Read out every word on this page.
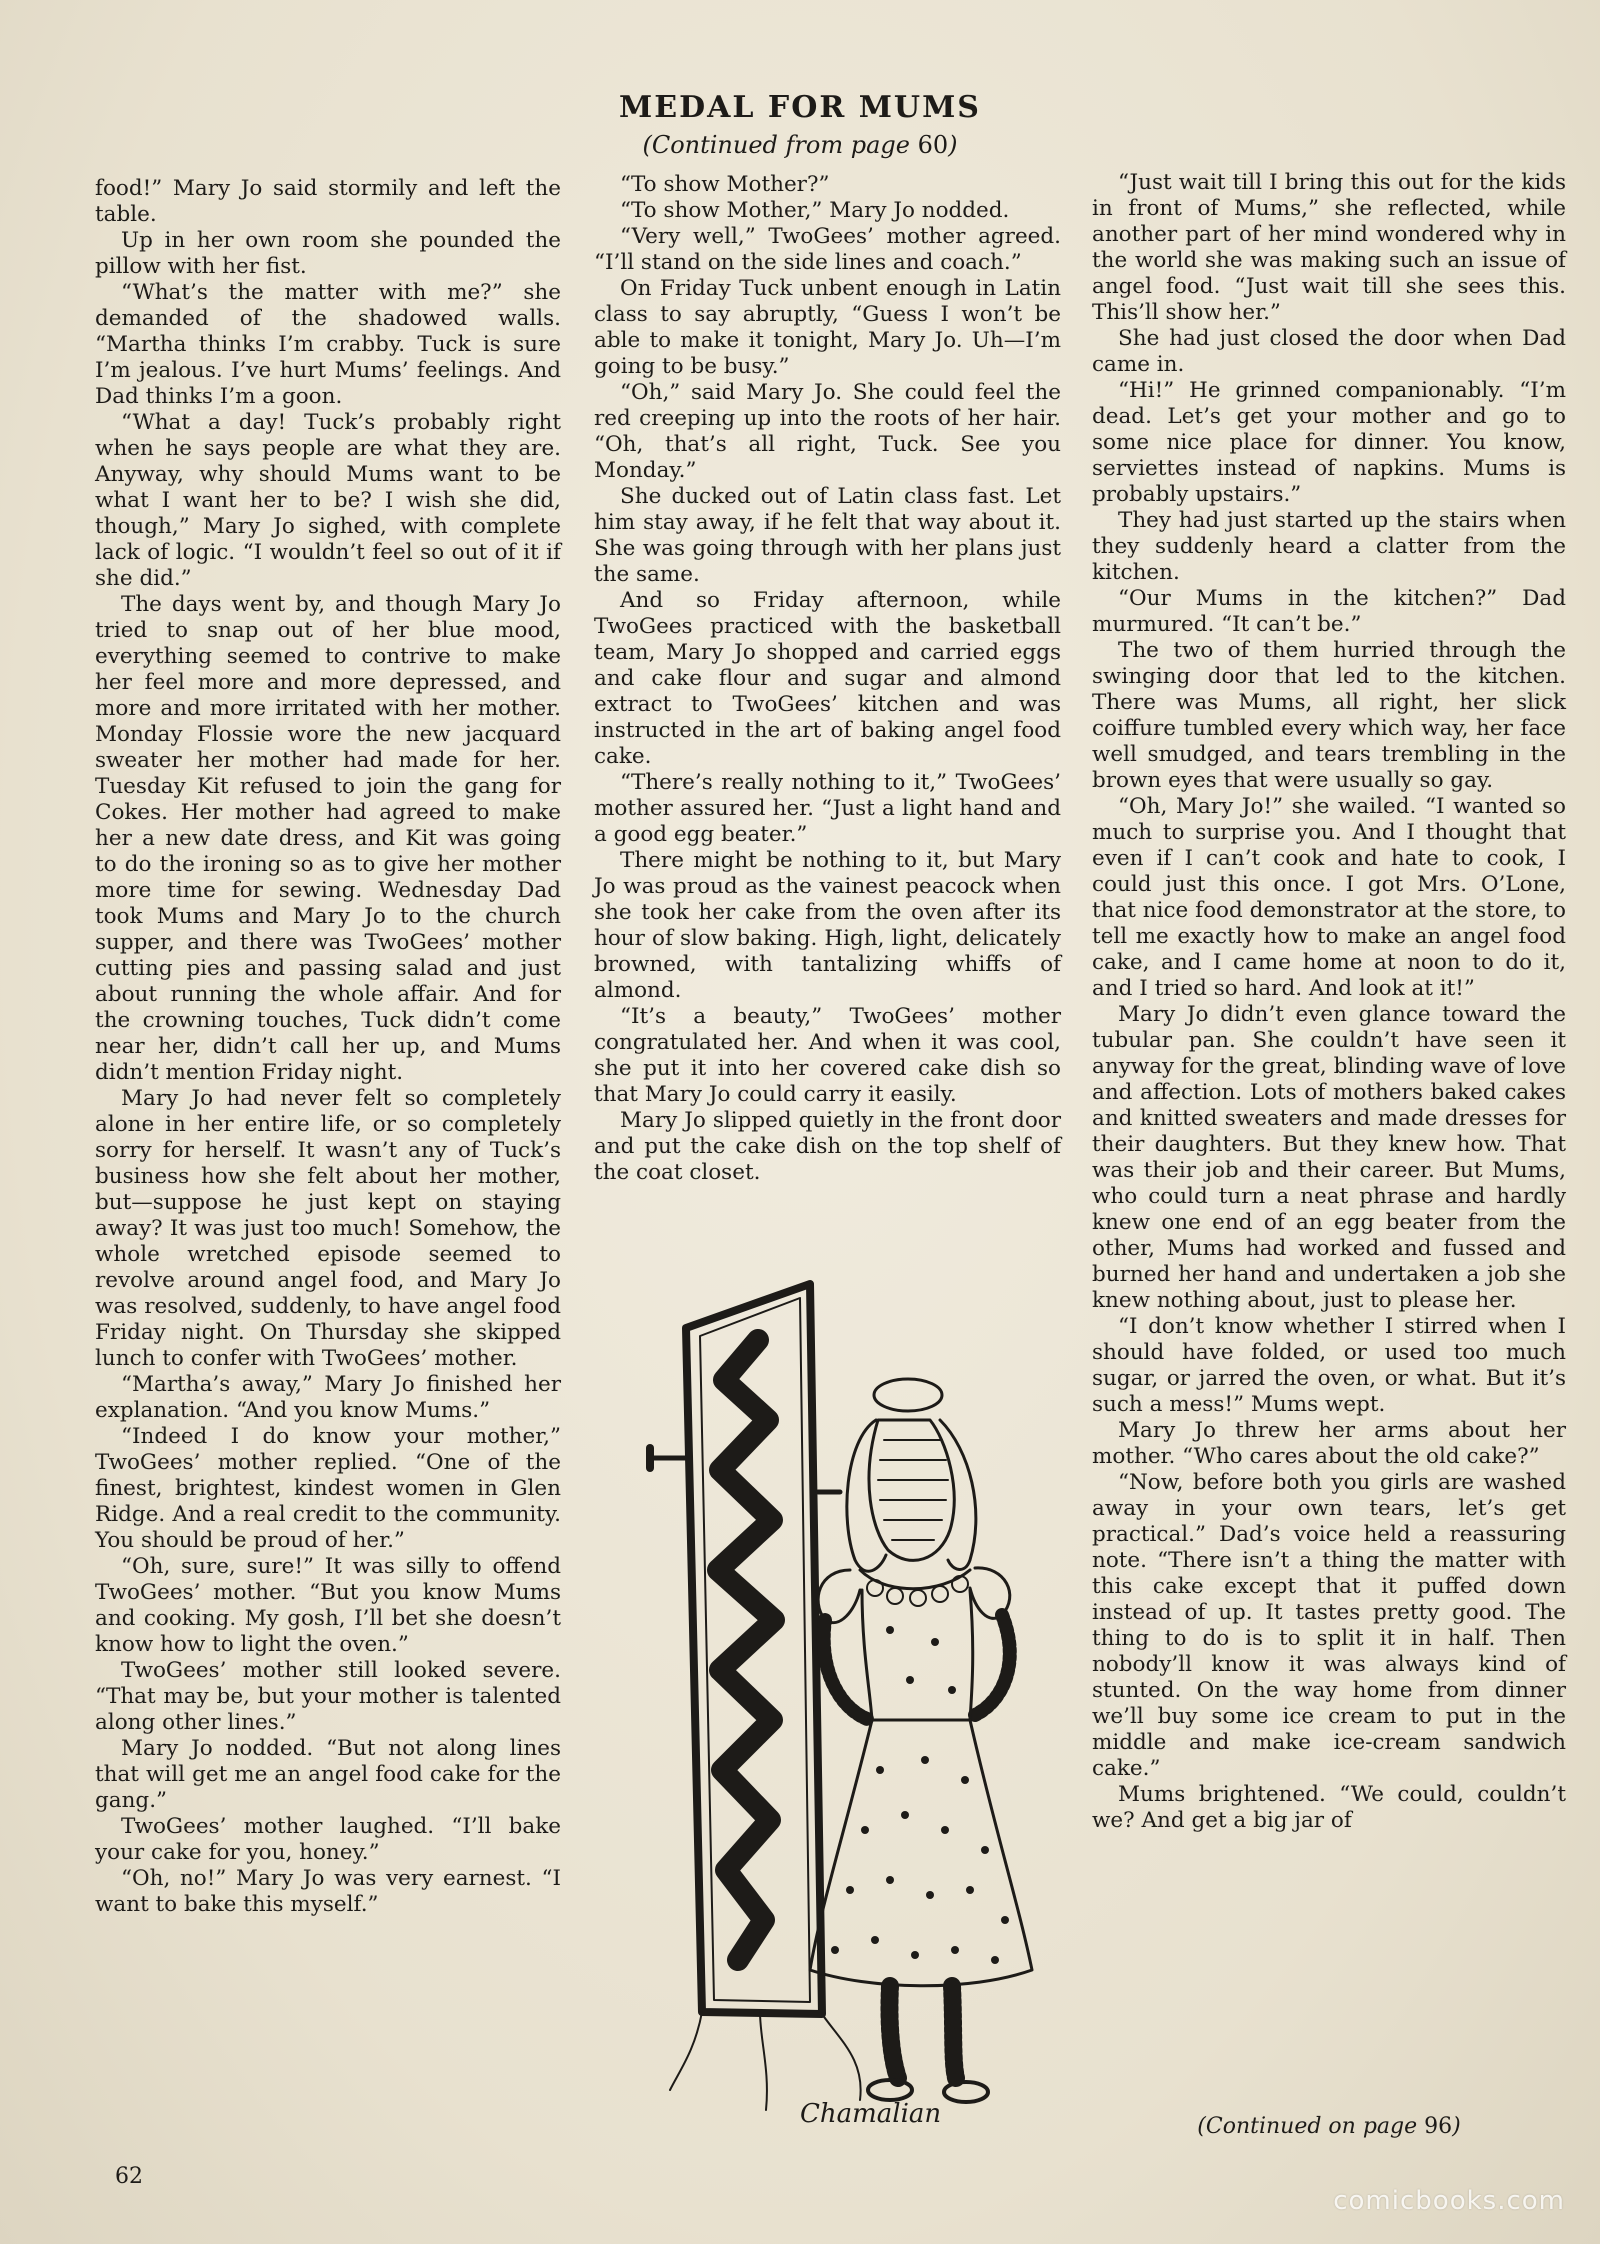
MEDAL FOR MUMS
(Continued from page 60)

food!” Mary Jo said stormily and left the table.

Up in her own room she pounded the pillow with her fist.

“What’s the matter with me?” she demanded of the shadowed walls. “Martha thinks I’m crabby. Tuck is sure I’m jealous. I’ve hurt Mums’ feelings. And Dad thinks I’m a goon.

“What a day! Tuck’s probably right when he says people are what they are. Anyway, why should Mums want to be what I want her to be? I wish she did, though,” Mary Jo sighed, with complete lack of logic. “I wouldn’t feel so out of it if she did.”

The days went by, and though Mary Jo tried to snap out of her blue mood, everything seemed to contrive to make her feel more and more depressed, and more and more irritated with her mother. Monday Flossie wore the new jacquard sweater her mother had made for her. Tuesday Kit refused to join the gang for Cokes. Her mother had agreed to make her a new date dress, and Kit was going to do the ironing so as to give her mother more time for sewing. Wednesday Dad took Mums and Mary Jo to the church supper, and there was TwoGees’ mother cutting pies and passing salad and just about running the whole affair. And for the crowning touches, Tuck didn’t come near her, didn’t call her up, and Mums didn’t mention Friday night.

Mary Jo had never felt so completely alone in her entire life, or so completely sorry for herself. It wasn’t any of Tuck’s business how she felt about her mother, but—suppose he just kept on staying away? It was just too much! Somehow, the whole wretched episode seemed to revolve around angel food, and Mary Jo was resolved, suddenly, to have angel food Friday night. On Thursday she skipped lunch to confer with TwoGees’ mother.

“Martha’s away,” Mary Jo finished her explanation. “And you know Mums.”

“Indeed I do know your mother,” TwoGees’ mother replied. “One of the finest, brightest, kindest women in Glen Ridge. And a real credit to the community. You should be proud of her.”

“Oh, sure, sure!” It was silly to offend TwoGees’ mother. “But you know Mums and cooking. My gosh, I’ll bet she doesn’t know how to light the oven.”

TwoGees’ mother still looked severe. “That may be, but your mother is talented along other lines.”

Mary Jo nodded. “But not along lines that will get me an angel food cake for the gang.”

TwoGees’ mother laughed. “I’ll bake your cake for you, honey.”

“Oh, no!” Mary Jo was very earnest. “I want to bake this myself.”

“To show Mother?”

“To show Mother,” Mary Jo nodded.

“Very well,” TwoGees’ mother agreed. “I’ll stand on the side lines and coach.”

On Friday Tuck unbent enough in Latin class to say abruptly, “Guess I won’t be able to make it tonight, Mary Jo. Uh—I’m going to be busy.”

“Oh,” said Mary Jo. She could feel the red creeping up into the roots of her hair. “Oh, that’s all right, Tuck. See you Monday.”

She ducked out of Latin class fast. Let him stay away, if he felt that way about it. She was going through with her plans just the same.

And so Friday afternoon, while TwoGees practiced with the basketball team, Mary Jo shopped and carried eggs and cake flour and sugar and almond extract to TwoGees’ kitchen and was instructed in the art of baking angel food cake.

“There’s really nothing to it,” TwoGees’ mother assured her. “Just a light hand and a good egg beater.”

There might be nothing to it, but Mary Jo was proud as the vainest peacock when she took her cake from the oven after its hour of slow baking. High, light, delicately browned, with tantalizing whiffs of almond.

“It’s a beauty,” TwoGees’ mother congratulated her. And when it was cool, she put it into her covered cake dish so that Mary Jo could carry it easily.

Mary Jo slipped quietly in the front door and put the cake dish on the top shelf of the coat closet.

Chamalian

“Just wait till I bring this out for the kids in front of Mums,” she reflected, while another part of her mind wondered why in the world she was making such an issue of angel food. “Just wait till she sees this. This’ll show her.”

She had just closed the door when Dad came in.

“Hi!” He grinned companionably. “I’m dead. Let’s get your mother and go to some nice place for dinner. You know, serviettes instead of napkins. Mums is probably upstairs.”

They had just started up the stairs when they suddenly heard a clatter from the kitchen.

“Our Mums in the kitchen?” Dad murmured. “It can’t be.”

The two of them hurried through the swinging door that led to the kitchen. There was Mums, all right, her slick coiffure tumbled every which way, her face well smudged, and tears trembling in the brown eyes that were usually so gay.

“Oh, Mary Jo!” she wailed. “I wanted so much to surprise you. And I thought that even if I can’t cook and hate to cook, I could just this once. I got Mrs. O’Lone, that nice food demonstrator at the store, to tell me exactly how to make an angel food cake, and I came home at noon to do it, and I tried so hard. And look at it!”

Mary Jo didn’t even glance toward the tubular pan. She couldn’t have seen it anyway for the great, blinding wave of love and affection. Lots of mothers baked cakes and knitted sweaters and made dresses for their daughters. But they knew how. That was their job and their career. But Mums, who could turn a neat phrase and hardly knew one end of an egg beater from the other, Mums had worked and fussed and burned her hand and undertaken a job she knew nothing about, just to please her.

“I don’t know whether I stirred when I should have folded, or used too much sugar, or jarred the oven, or what. But it’s such a mess!” Mums wept.

Mary Jo threw her arms about her mother. “Who cares about the old cake?”

“Now, before both you girls are washed away in your own tears, let’s get practical.” Dad’s voice held a reassuring note. “There isn’t a thing the matter with this cake except that it puffed down instead of up. It tastes pretty good. The thing to do is to split it in half. Then nobody’ll know it was always kind of stunted. On the way home from dinner we’ll buy some ice cream to put in the middle and make ice-cream sandwich cake.”

Mums brightened. “We could, couldn’t we? And get a big jar of

(Continued on page 96)
62
comicbooks.com
